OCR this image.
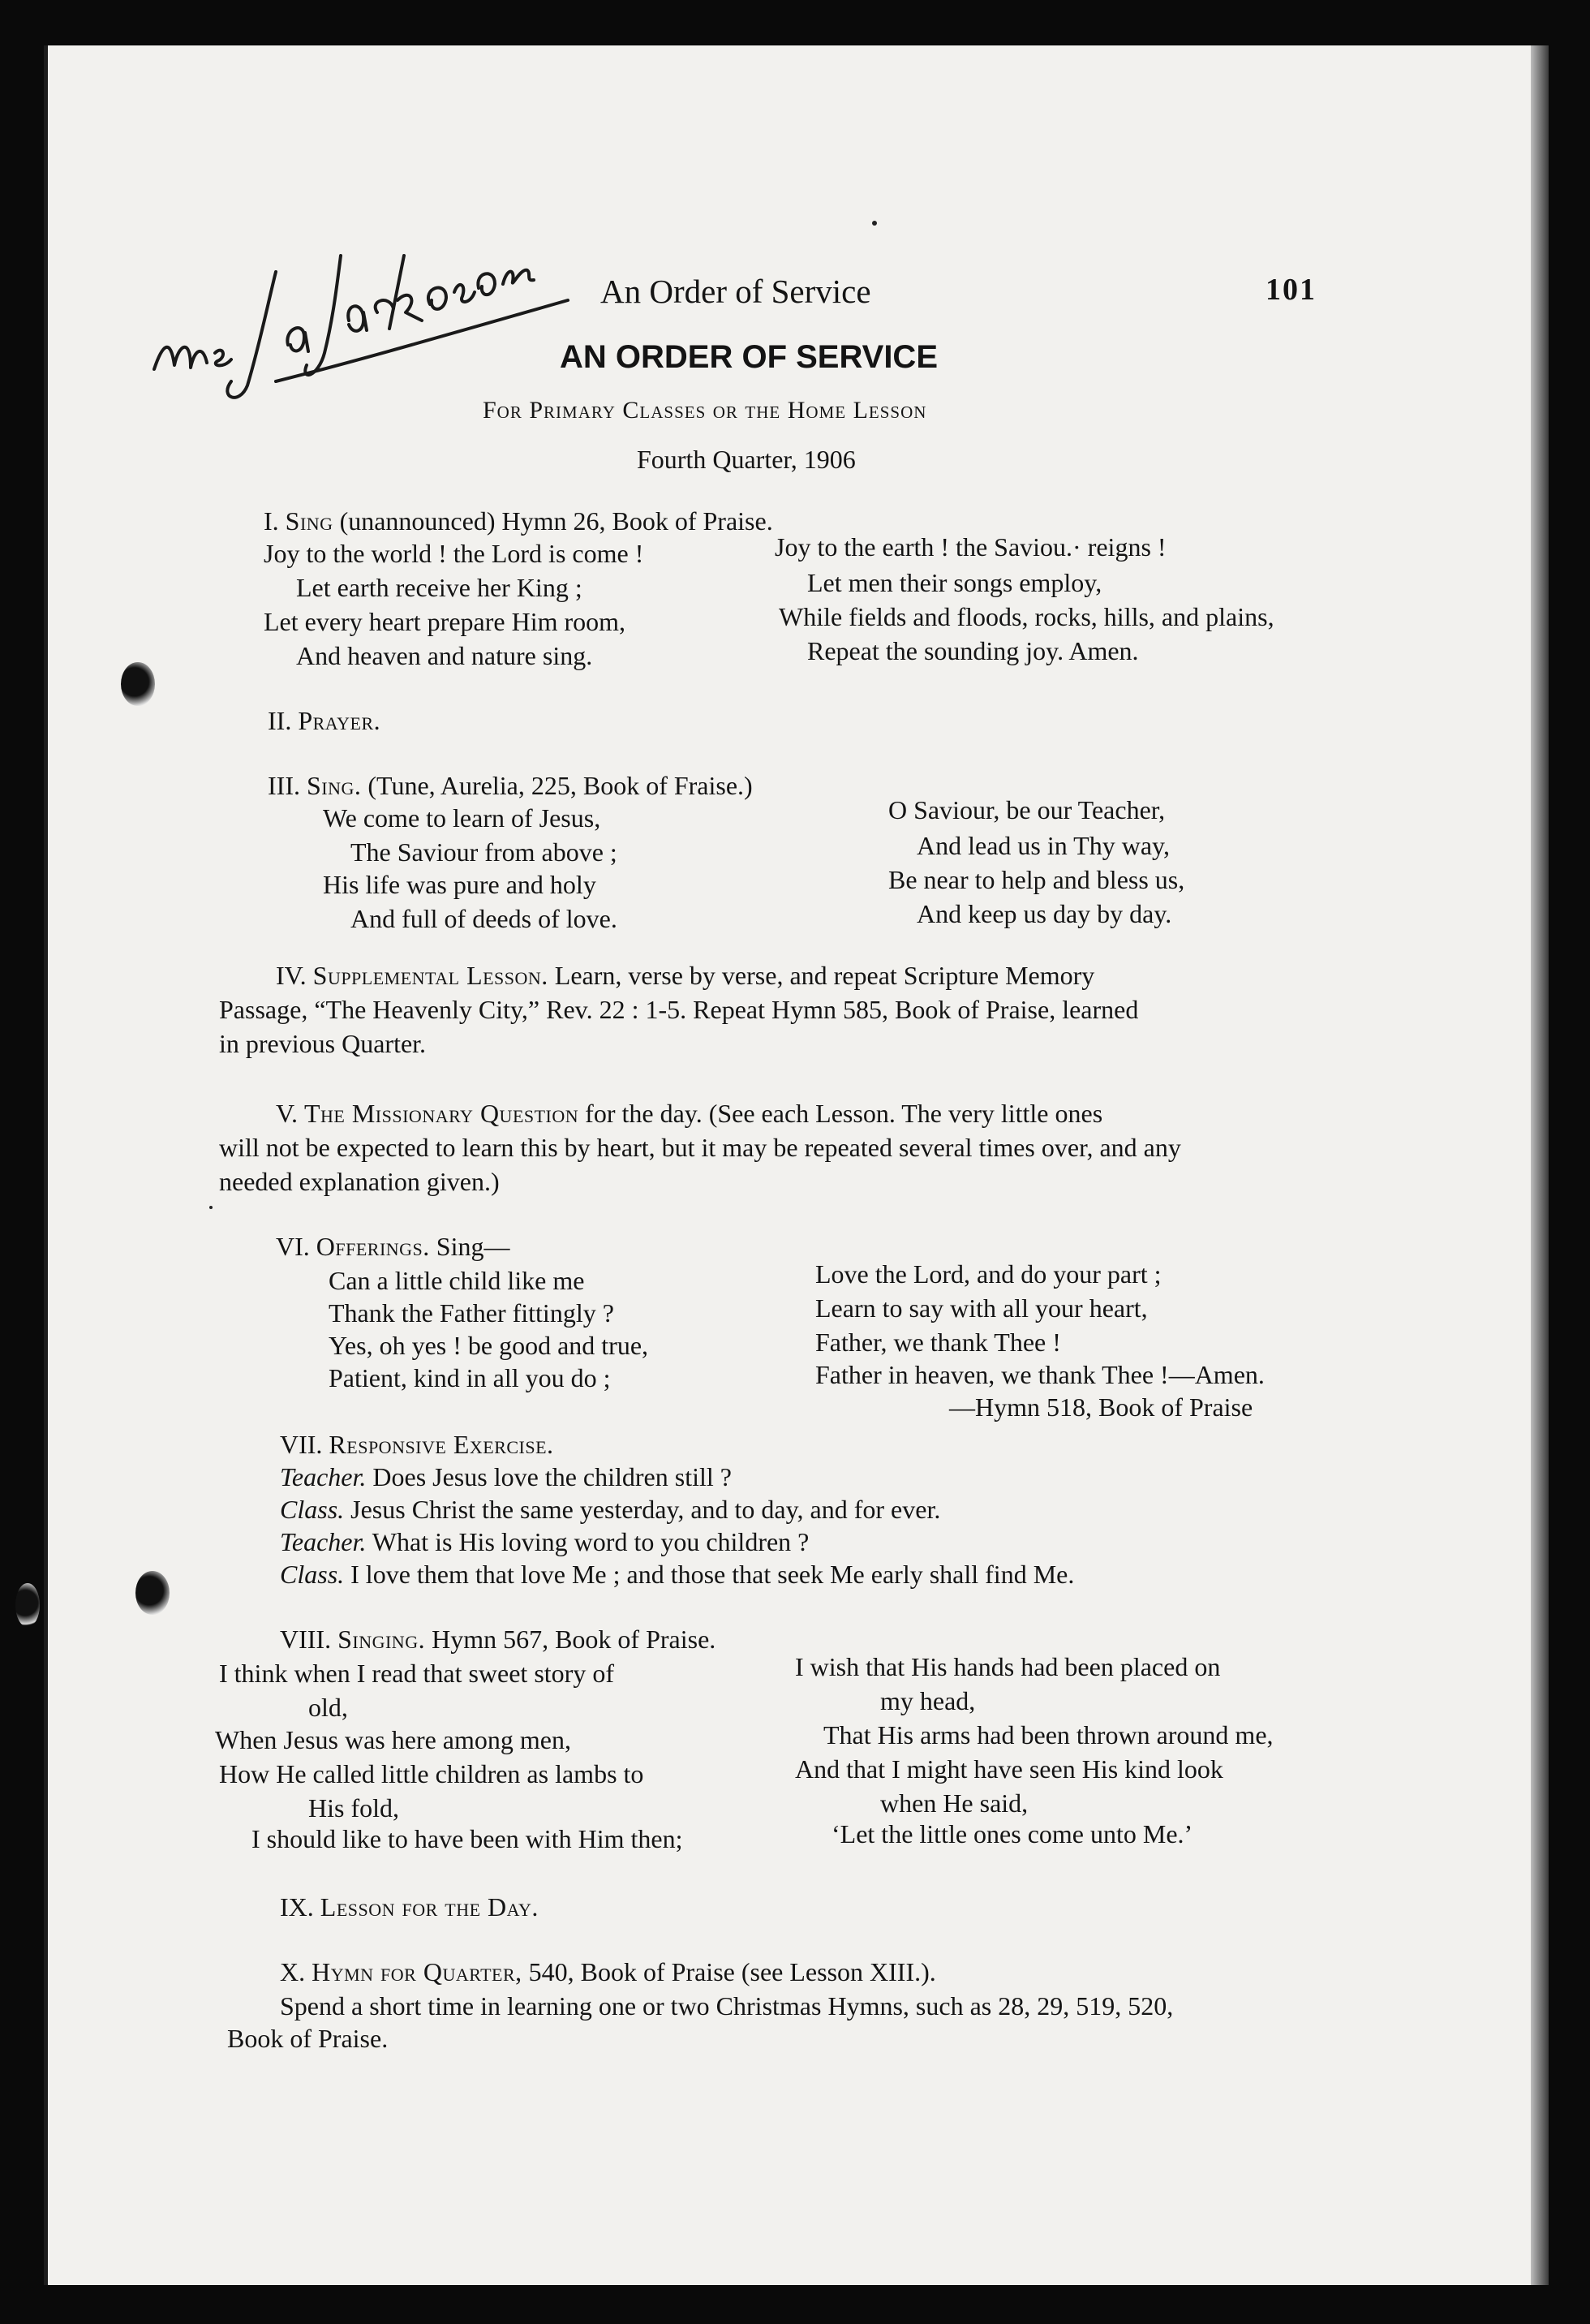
An Order of Service	101
AN ORDER OF SERVICE
For Primary Classes or the Home Lesson
Fourth Quarter, 1906
I. Sing (unannounced) Hymn 26, Book of Praise.
Joy to the world ! the Lord is come !
Let earth receive her King ;
Let every heart prepare Him room,
And heaven and nature sing.
Joy to the earth ! the Saviou.· reigns !
Let men their songs employ,
While fields and floods, rocks, hills, and plains,
Repeat the sounding joy. Amen.
II. Prayer.
III. Sing. (Tune, Aurelia, 225, Book of Fraise.)
We come to learn of Jesus,
The Saviour from above ;
His life was pure and holy
And full of deeds of love.
O Saviour, be our Teacher,
And lead us in Thy way,
Be near to help and bless us,
And keep us day by day.
IV. Supplemental Lesson. Learn, verse by verse, and repeat Scripture Memory
Passage, “The Heavenly City,” Rev. 22 : 1-5. Repeat Hymn 585, Book of Praise, learned
in previous Quarter.
V. The Missionary Question for the day. (See each Lesson. The very little ones
will not be expected to learn this by heart, but it may be repeated several times over, and any
needed explanation given.)
VI. Offerings. Sing—
Can a little child like me
Thank the Father fittingly ?
Yes, oh yes ! be good and true,
Patient, kind in all you do ;
Love the Lord, and do your part ;
Learn to say with all your heart,
Father, we thank Thee !
Father in heaven, we thank Thee !—Amen.
—Hymn 518, Book of Praise
VII. Responsive Exercise.
Teacher. Does Jesus love the children still ?
Class. Jesus Christ the same yesterday, and to day, and for ever.
Teacher. What is His loving word to you children ?
Class. I love them that love Me ; and those that seek Me early shall find Me.
VIII. Singing. Hymn 567, Book of Praise.
I think when I read that sweet story of
old,
When Jesus was here among men,
How He called little children as lambs to
His fold,
I should like to have been with Him then;
I wish that His hands had been placed on
my head,
That His arms had been thrown around me,
And that I might have seen His kind look
when He said,
‘Let the little ones come unto Me.’
IX. Lesson for the Day.
X. Hymn for Quarter, 540, Book of Praise (see Lesson XIII.).
Spend a short time in learning one or two Christmas Hymns, such as 28, 29, 519, 520,
Book of Praise.
